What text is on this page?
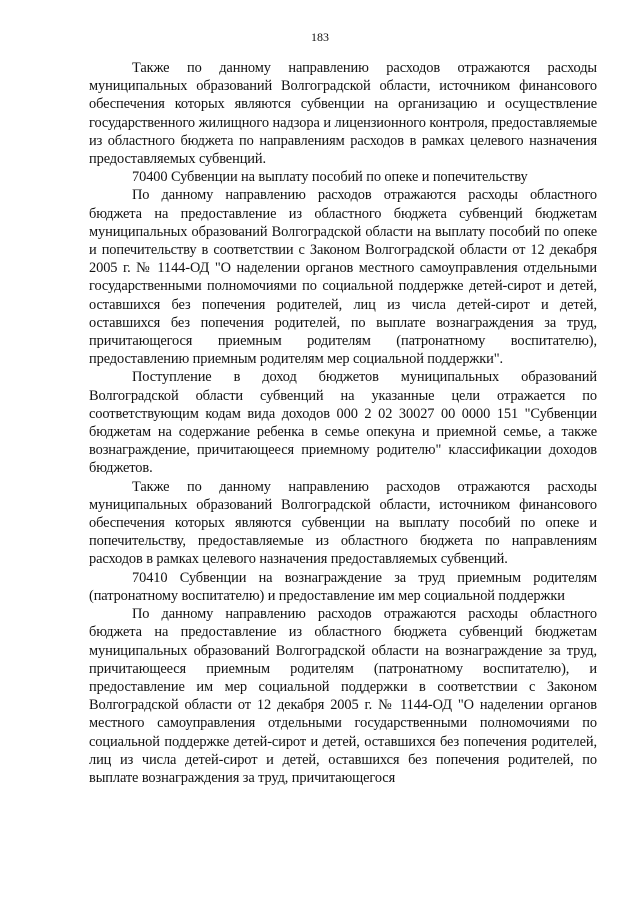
183

Также по данному направлению расходов отражаются расходы муниципальных образований Волгоградской области, источником финансового обеспечения которых являются субвенции на организацию и осуществление государственного жилищного надзора и лицензионного контроля, предоставляемые из областного бюджета по направлениям расходов в рамках целевого назначения предоставляемых субвенций.

70400 Субвенции на выплату пособий по опеке и попечительству

По данному направлению расходов отражаются расходы областного бюджета на предоставление из областного бюджета субвенций бюджетам муниципальных образований Волгоградской области на выплату пособий по опеке и попечительству в соответствии с Законом Волгоградской области от 12 декабря 2005 г. № 1144-ОД "О наделении органов местного самоуправления отдельными государственными полномочиями по социальной поддержке детей-сирот и детей, оставшихся без попечения родителей, лиц из числа детей-сирот и детей, оставшихся без попечения родителей, по выплате вознаграждения за труд, причитающегося приемным родителям (патронатному воспитателю), предоставлению приемным родителям мер социальной поддержки".

Поступление в доход бюджетов муниципальных образований Волгоградской области субвенций на указанные цели отражается по соответствующим кодам вида доходов 000 2 02 30027 00 0000 151 "Субвенции бюджетам на содержание ребенка в семье опекуна и приемной семье, а также вознаграждение, причитающееся приемному родителю" классификации доходов бюджетов.

Также по данному направлению расходов отражаются расходы муниципальных образований Волгоградской области, источником финансового обеспечения которых являются субвенции на выплату пособий по опеке и попечительству, предоставляемые из областного бюджета по направлениям расходов в рамках целевого назначения предоставляемых субвенций.

70410 Субвенции на вознаграждение за труд приемным родителям (патронатному воспитателю) и предоставление им мер социальной поддержки

По данному направлению расходов отражаются расходы областного бюджета на предоставление из областного бюджета субвенций бюджетам муниципальных образований Волгоградской области на вознаграждение за труд, причитающееся приемным родителям (патронатному воспитателю), и предоставление им мер социальной поддержки в соответствии с Законом Волгоградской области от 12 декабря 2005 г. № 1144-ОД "О наделении органов местного самоуправления отдельными государственными полномочиями по социальной поддержке детей-сирот и детей, оставшихся без попечения родителей, лиц из числа детей-сирот и детей, оставшихся без попечения родителей, по выплате вознаграждения за труд, причитающегося
